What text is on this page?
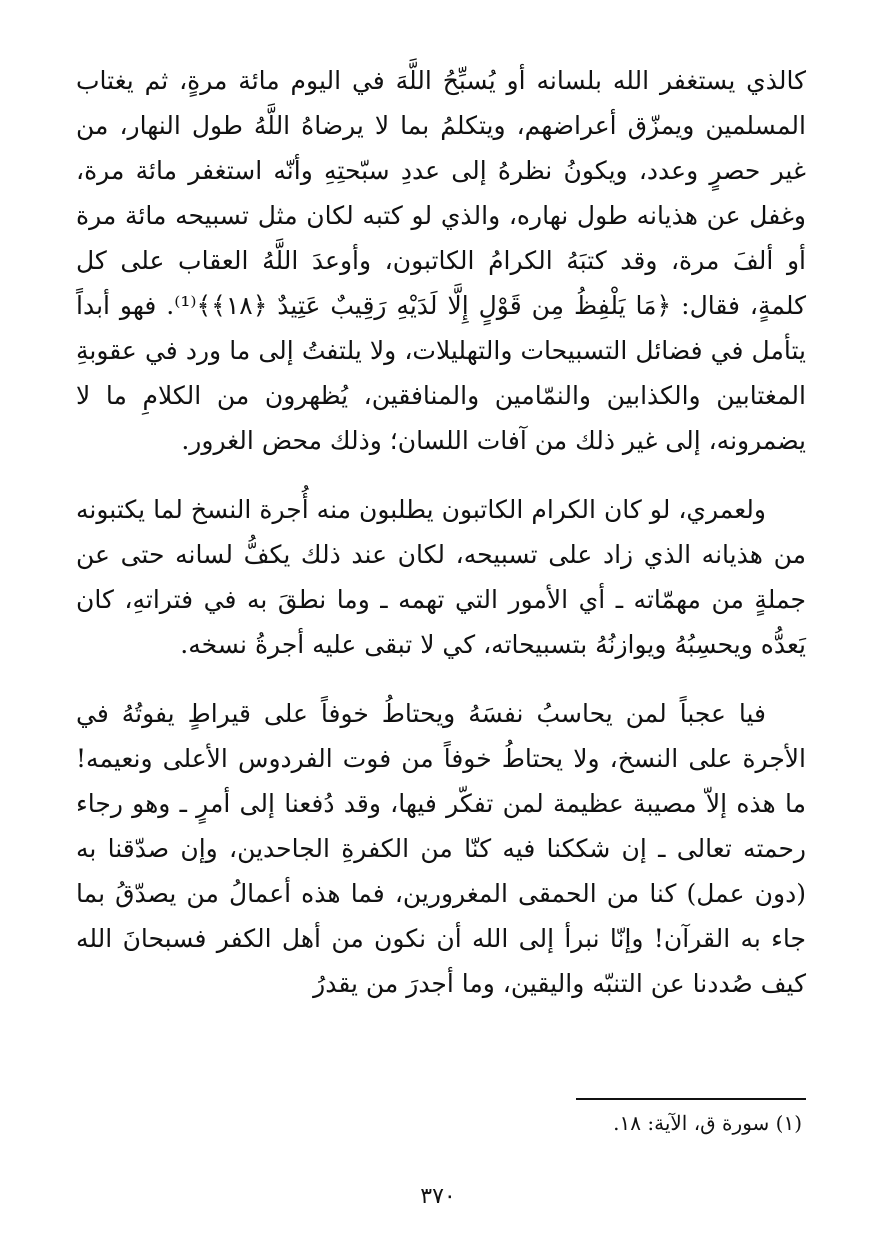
كالذي يستغفر الله بلسانه أو يُسبِّحُ اللَّهَ في اليوم مائة مرةٍ، ثم يغتاب المسلمين ويمزّق أعراضهم، ويتكلمُ بما لا يرضاهُ اللَّهُ طول النهار، من غير حصرٍ وعدد، ويكونُ نظرهُ إلى عددِ سبّحتِهِ وأنّه استغفر مائة مرة، وغفل عن هذيانه طول نهاره، والذي لو كتبه لكان مثل تسبيحه مائة مرة أو ألفَ مرة، وقد كتبَهُ الكرامُ الكاتبون، وأوعدَ اللَّهُ العقاب على كل كلمةٍ، فقال: ﴿مَا يَلْفِظُ مِن قَوْلٍ إِلَّا لَدَيْهِ رَقِيبٌ عَتِيدٌ ﴿١٨﴾﴾⁽¹⁾. فهو أبداً يتأمل في فضائل التسبيحات والتهليلات، ولا يلتفتُ إلى ما ورد في عقوبةِ المغتابين والكذابين والنمّامين والمنافقين، يُظهرون من الكلامِ ما لا يضمرونه، إلى غير ذلك من آفات اللسان؛ وذلك محض الغرور.

ولعمري، لو كان الكرام الكاتبون يطلبون منه أُجرة النسخ لما يكتبونه من هذيانه الذي زاد على تسبيحه، لكان عند ذلك يكفُّ لسانه حتى عن جملةٍ من مهمّاته ـ أي الأمور التي تهمه ـ وما نطقَ به في فتراتهِ، كان يَعدُّه ويحسِبُهُ ويوازنُهُ بتسبيحاته، كي لا تبقى عليه أجرةُ نسخه.

فيا عجباً لمن يحاسبُ نفسَهُ ويحتاطُ خوفاً على قيراطٍ يفوتُهُ في الأجرة على النسخ، ولا يحتاطُ خوفاً من فوت الفردوس الأعلى ونعيمه! ما هذه إلاّ مصيبة عظيمة لمن تفكّر فيها، وقد دُفعنا إلى أمرٍ ـ وهو رجاء رحمته تعالى ـ إن شككنا فيه كنّا من الكفرةِ الجاحدين، وإن صدّقنا به (دون عمل) كنا من الحمقى المغرورين، فما هذه أعمالُ من يصدّقُ بما جاء به القرآن! وإنّا نبرأ إلى الله أن نكون من أهل الكفر فسبحانَ الله كيف صُددنا عن التنبّه واليقين، وما أجدرَ من يقدرُ

(١) سورة ق، الآية: ١٨.
٣٧٠
